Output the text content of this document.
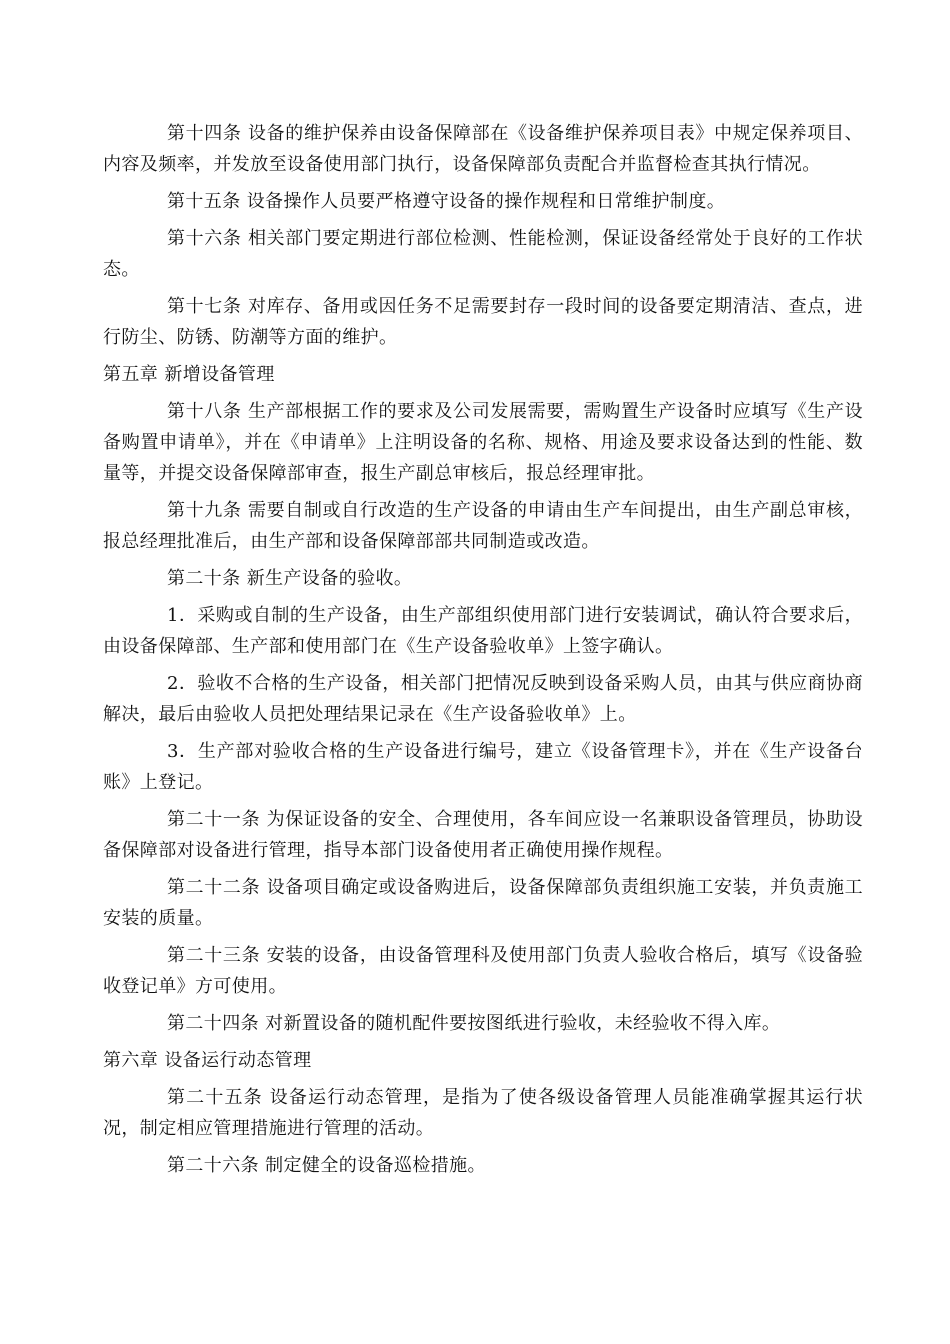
第十四条 设备的维护保养由设备保障部在《设备维护保养项目表》中规定保养项目、内容及频率，并发放至设备使用部门执行，设备保障部负责配合并监督检查其执行情况。

第十五条 设备操作人员要严格遵守设备的操作规程和日常维护制度。

第十六条 相关部门要定期进行部位检测、性能检测，保证设备经常处于良好的工作状态。

第十七条 对库存、备用或因任务不足需要封存一段时间的设备要定期清洁、查点，进行防尘、防锈、防潮等方面的维护。

第五章 新增设备管理

第十八条 生产部根据工作的要求及公司发展需要，需购置生产设备时应填写《生产设备购置申请单》，并在《申请单》上注明设备的名称、规格、用途及要求设备达到的性能、数量等，并提交设备保障部审查，报生产副总审核后，报总经理审批。

第十九条 需要自制或自行改造的生产设备的申请由生产车间提出，由生产副总审核，报总经理批准后，由生产部和设备保障部部共同制造或改造。

第二十条 新生产设备的验收。

1．采购或自制的生产设备，由生产部组织使用部门进行安装调试，确认符合要求后，由设备保障部、生产部和使用部门在《生产设备验收单》上签字确认。

2．验收不合格的生产设备，相关部门把情况反映到设备采购人员，由其与供应商协商解决，最后由验收人员把处理结果记录在《生产设备验收单》上。

3．生产部对验收合格的生产设备进行编号，建立《设备管理卡》，并在《生产设备台账》上登记。

第二十一条 为保证设备的安全、合理使用，各车间应设一名兼职设备管理员，协助设备保障部对设备进行管理，指导本部门设备使用者正确使用操作规程。

第二十二条 设备项目确定或设备购进后，设备保障部负责组织施工安装，并负责施工安装的质量。

第二十三条 安装的设备，由设备管理科及使用部门负责人验收合格后，填写《设备验收登记单》方可使用。

第二十四条 对新置设备的随机配件要按图纸进行验收，未经验收不得入库。

第六章 设备运行动态管理

第二十五条 设备运行动态管理，是指为了使各级设备管理人员能准确掌握其运行状况，制定相应管理措施进行管理的活动。

第二十六条 制定健全的设备巡检措施。
